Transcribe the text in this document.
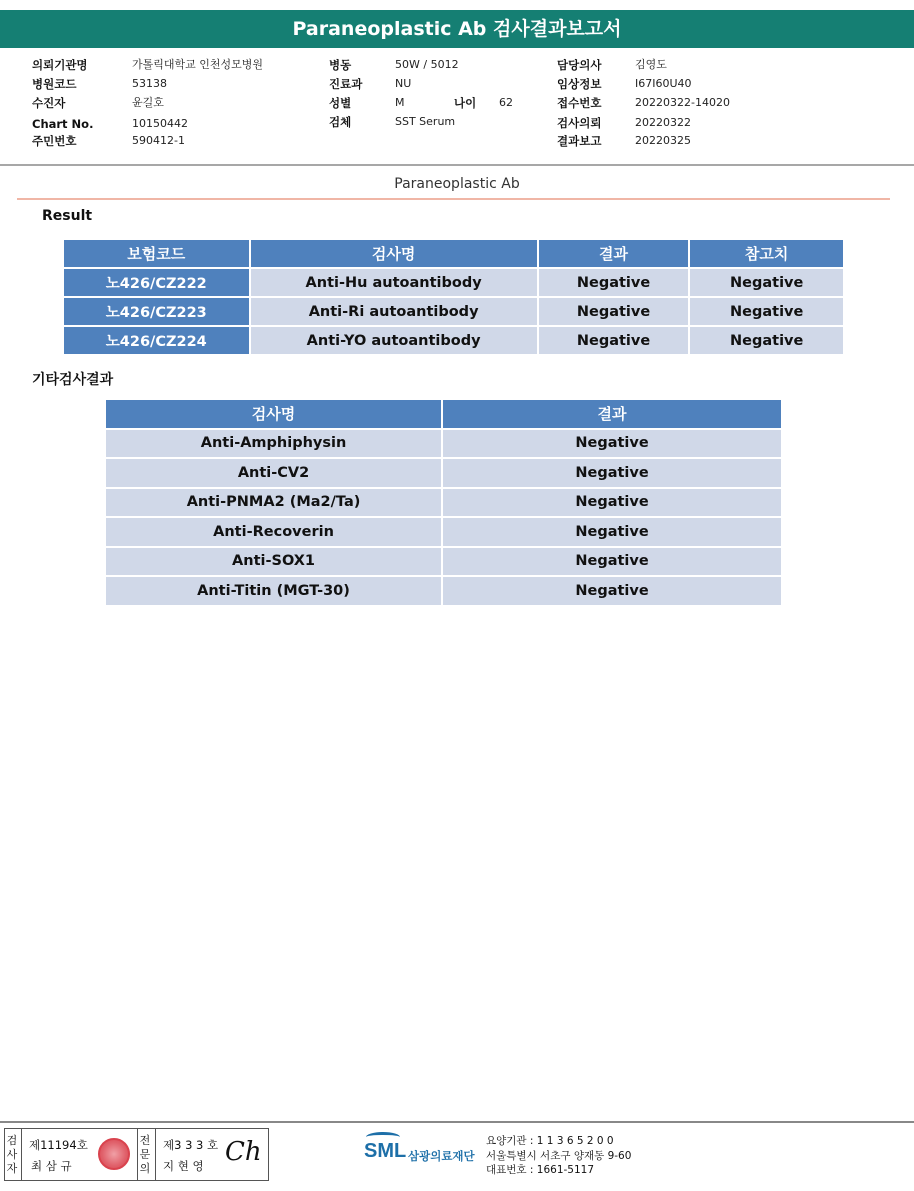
Paraneoplastic Ab 검사결과보고서
의뢰기관명	가톨릭대학교 인천성모병원
병원코드	53138
수진자	윤길호
Chart No.	10150442
주민번호	590412-1
병동	50W / 5012
진료과	NU
성별	M	나이 62
검체	SST Serum
담당의사	김영도
임상정보	I67I60U40
접수번호	20220322-14020
검사의뢰	20220322
결과보고	20220325
Paraneoplastic Ab
Result
보험코드	검사명	결과	참고치
노426/CZ222	Anti-Hu autoantibody	Negative	Negative
노426/CZ223	Anti-Ri autoantibody	Negative	Negative
노426/CZ224	Anti-YO autoantibody	Negative	Negative
기타검사결과
검사명	결과
Anti-Amphiphysin	Negative
Anti-CV2	Negative
Anti-PNMA2 (Ma2/Ta)	Negative
Anti-Recoverin	Negative
Anti-SOX1	Negative
Anti-Titin (MGT-30)	Negative
검사자
제11194호
최 삼 규
전문의
제3 3 3 호
지 현 영 Ch	SML 삼광의료재단
요양기관 : 1 1 3 6 5 2 0 0
서울특별시 서초구 양재동 9-60
대표번호 : 1661-5117
